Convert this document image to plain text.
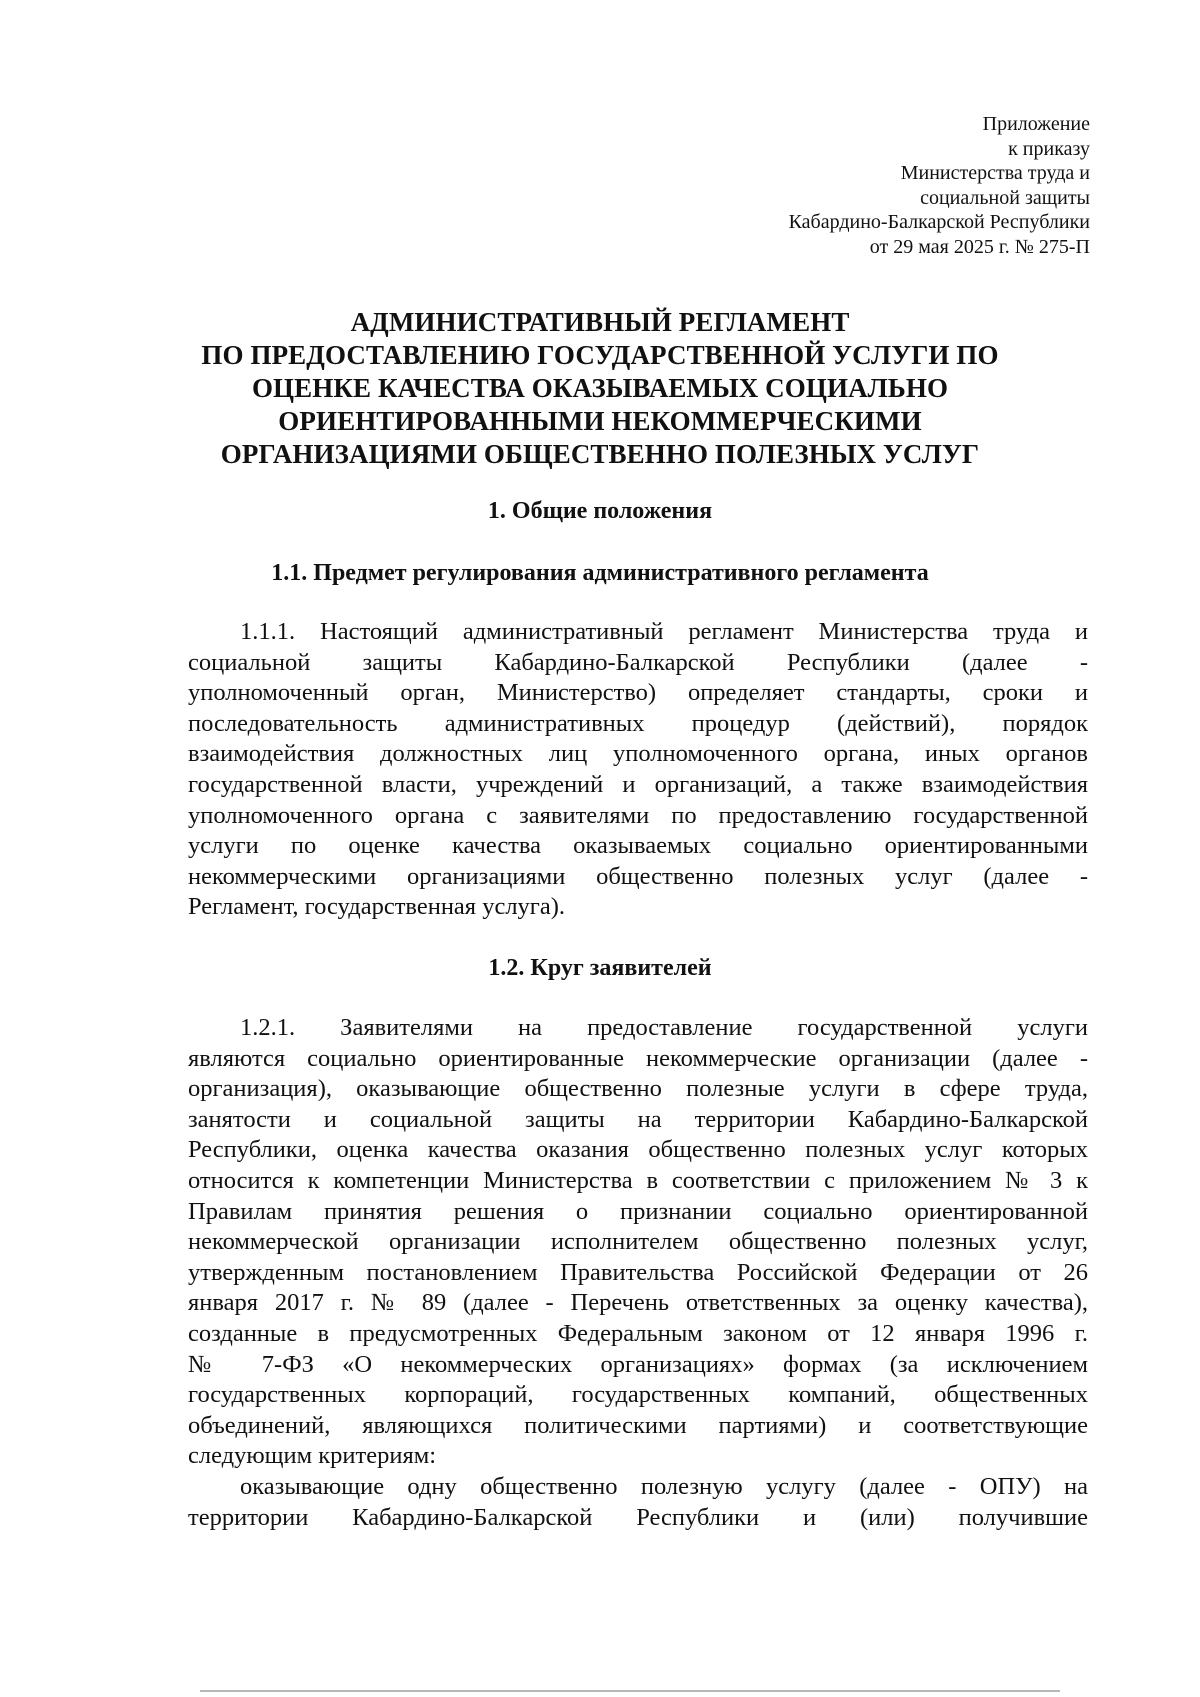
Приложение
к приказу
Министерства труда и
социальной защиты
Кабардино-Балкарской Республики
от 29 мая 2025 г. № 275-П
АДМИНИСТРАТИВНЫЙ РЕГЛАМЕНТ
ПО ПРЕДОСТАВЛЕНИЮ ГОСУДАРСТВЕННОЙ УСЛУГИ ПО
ОЦЕНКЕ КАЧЕСТВА ОКАЗЫВАЕМЫХ СОЦИАЛЬНО
ОРИЕНТИРОВАННЫМИ НЕКОММЕРЧЕСКИМИ
ОРГАНИЗАЦИЯМИ ОБЩЕСТВЕННО ПОЛЕЗНЫХ УСЛУГ
1. Общие положения
1.1. Предмет регулирования административного регламента
1.1.1. Настоящий административный регламент Министерства труда и
социальной защиты Кабардино-Балкарской Республики (далее -
уполномоченный орган, Министерство) определяет стандарты, сроки и
последовательность административных процедур (действий), порядок
взаимодействия должностных лиц уполномоченного органа, иных органов
государственной власти, учреждений и организаций, а также взаимодействия
уполномоченного органа с заявителями по предоставлению государственной
услуги по оценке качества оказываемых социально ориентированными
некоммерческими организациями общественно полезных услуг (далее -
Регламент, государственная услуга).
1.2. Круг заявителей
1.2.1. Заявителями на предоставление государственной услуги
являются социально ориентированные некоммерческие организации (далее -
организация), оказывающие общественно полезные услуги в сфере труда,
занятости и социальной защиты на территории Кабардино-Балкарской
Республики, оценка качества оказания общественно полезных услуг которых
относится к компетенции Министерства в соответствии с приложением № 3 к
Правилам принятия решения о признании социально ориентированной
некоммерческой организации исполнителем общественно полезных услуг,
утвержденным постановлением Правительства Российской Федерации от 26
января 2017 г. № 89 (далее - Перечень ответственных за оценку качества),
созданные в предусмотренных Федеральным законом от 12 января 1996 г.
№ 7-ФЗ «О некоммерческих организациях» формах (за исключением
государственных корпораций, государственных компаний, общественных
объединений, являющихся политическими партиями) и соответствующие
следующим критериям:
оказывающие одну общественно полезную услугу (далее - ОПУ) на
территории Кабардино-Балкарской Республики и (или) получившие
